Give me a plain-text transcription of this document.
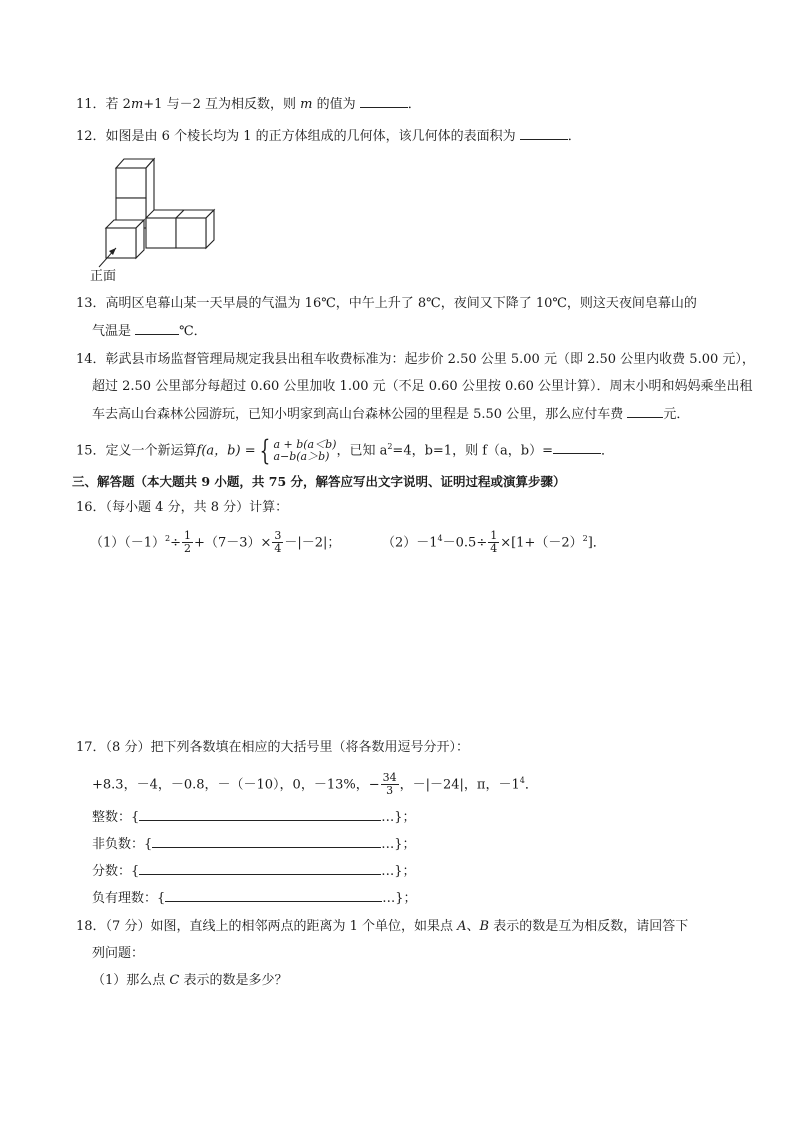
11．若 2m+1 与－2 互为相反数，则 m 的值为	．
12．如图是由 6 个棱长均为 1 的正方体组成的几何体，该几何体的表面积为	．
正面
13．高明区皂幕山某一天早晨的气温为 16℃，中午上升了 8℃，夜间又下降了 10℃，则这天夜间皂幕山的
气温是	℃．
14．彰武县市场监督管理局规定我县出租车收费标准为：起步价 2.50 公里 5.00 元（即 2.50 公里内收费 5.00 元），
超过 2.50 公里部分每超过 0.60 公里加收 1.00 元（不足 0.60 公里按 0.60 公里计算）．周末小明和妈妈乘坐出租
车去高山台森林公园游玩，已知小明家到高山台森林公园的里程是 5.50 公里，那么应付车费	元．
15．定义一个新运算f(a，b) = { a + b(a＜b)
a−b(a＞b) ，已知 $a^2=4$，b=1，则 f（a，b）=	．
三、解答题（本大题共 9 小题，共 75 分，解答应写出文字说明、证明过程或演算步骤）
16．（每小题 4 分，共 8 分）计算：
$(1)(-1)^2\div \frac{1}{2} +(7-3)\times \frac{3}{4} -|-2|$；	$(2)-1^4-0.5\div \frac{1}{4} \times[1+(-2)^2]$．
17．（8 分）把下列各数填在相应的大括号里（将各数用逗号分开）：
+8.3，－4，－0.8，－（－10），0，－13%，− $\frac{34}{3}$ ，－|－24|，π，$-1^4$．
整数：{	…}；
非负数：{	…}；
分数：{	…}；
负有理数：{	…}；
18．（7 分）如图，直线上的相邻两点的距离为 1 个单位，如果点 A、B 表示的数是互为相反数，请回答下
列问题：
（1）那么点 C 表示的数是多少？
